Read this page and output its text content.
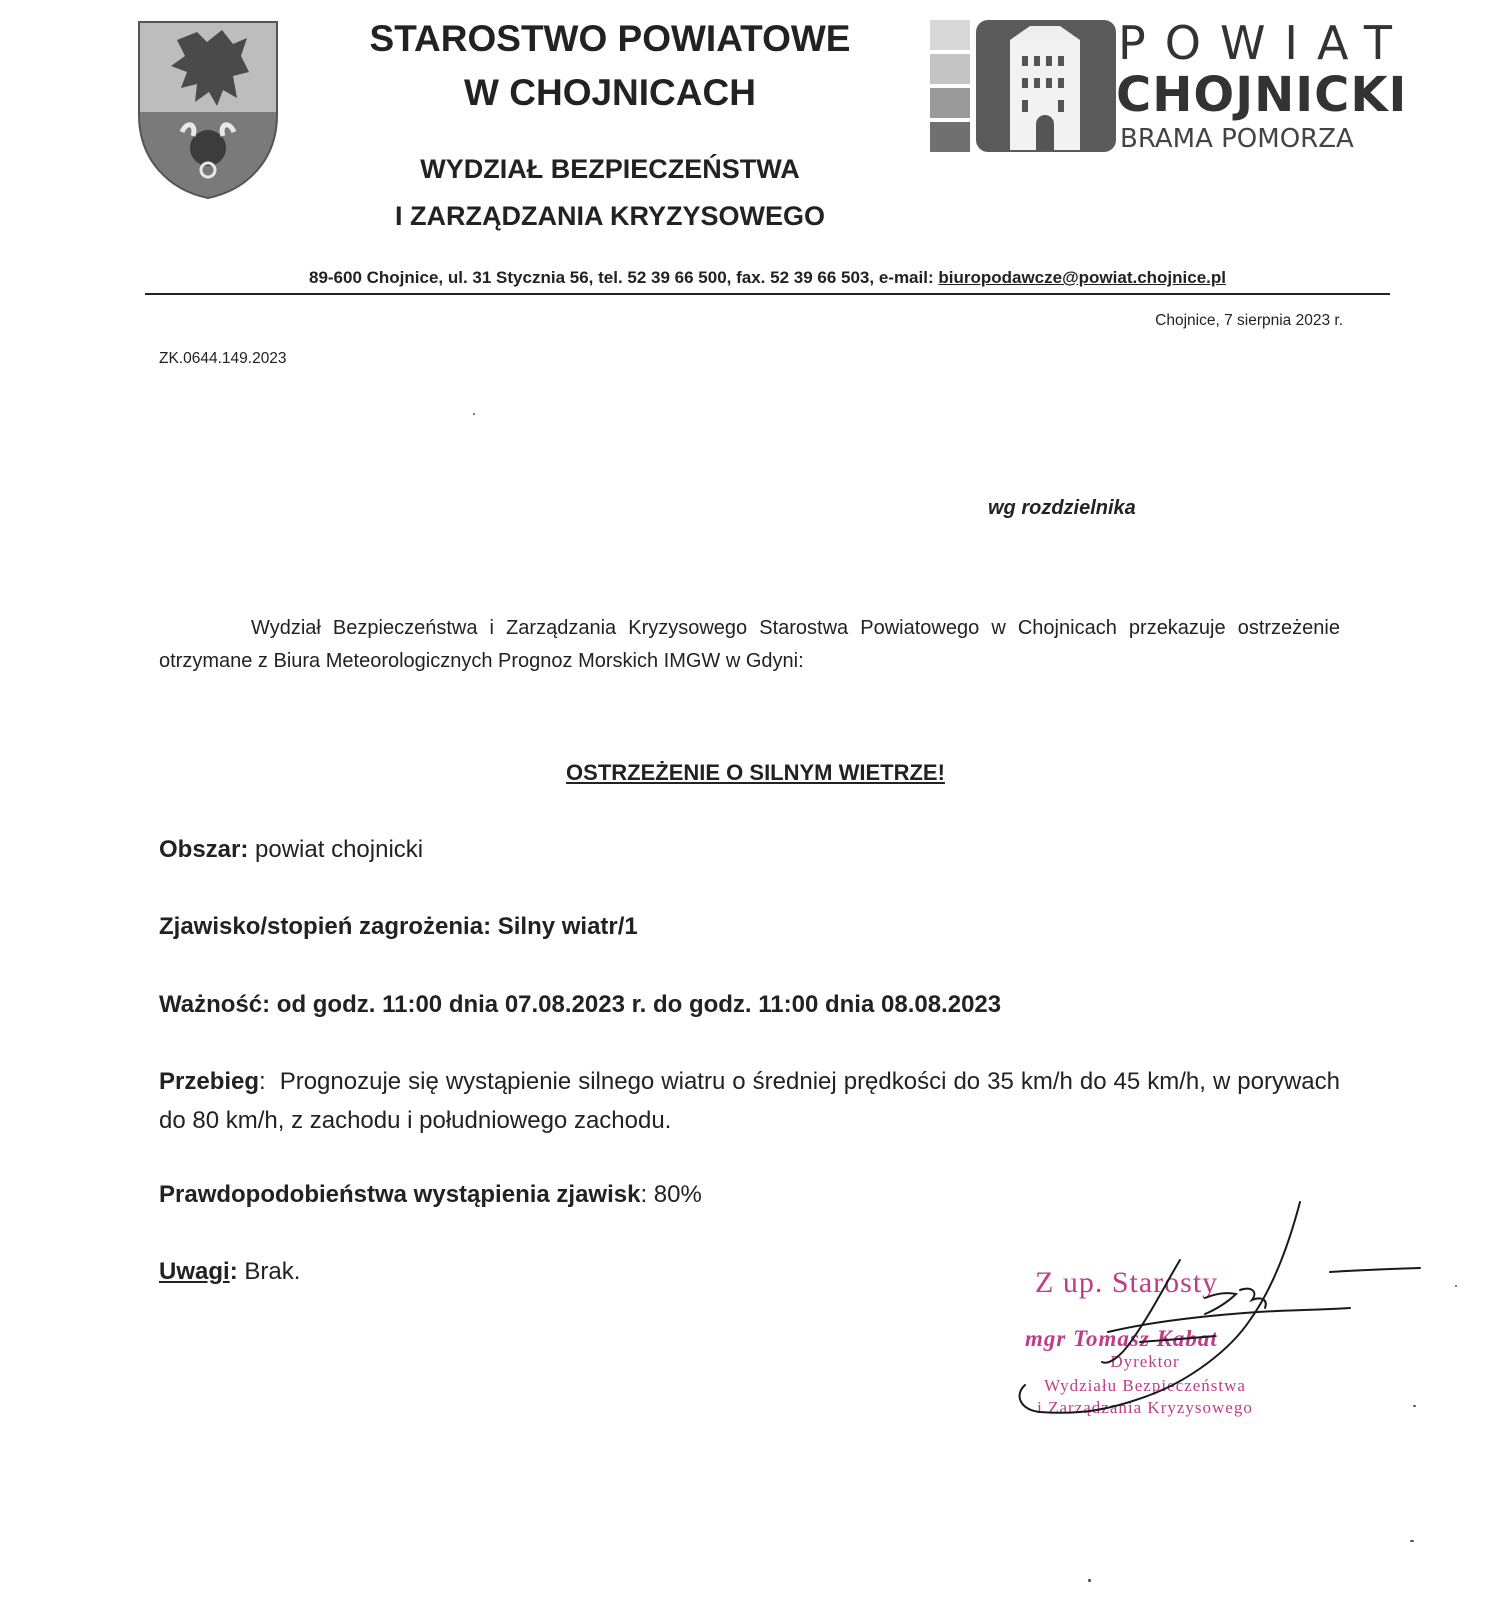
STAROSTWO POWIATOWE
W CHOJNICACH
WYDZIAŁ BEZPIECZEŃSTWA
I ZARZĄDZANIA KRYZYSOWEGO
POWIAT
CHOJNICKI
BRAMA POMORZA
89-600 Chojnice, ul. 31 Stycznia 56, tel. 52 39 66 500, fax. 52 39 66 503, e-mail: biuropodawcze@powiat.chojnice.pl
Chojnice, 7 sierpnia 2023 r.
ZK.0644.149.2023
wg rozdzielnika
Wydział Bezpieczeństwa i Zarządzania Kryzysowego Starostwa Powiatowego w Chojnicach przekazuje ostrzeżenie otrzymane z Biura Meteorologicznych Prognoz Morskich IMGW w Gdyni:
OSTRZEŻENIE O SILNYM WIETRZE!
Obszar: powiat chojnicki
Zjawisko/stopień zagrożenia: Silny wiatr/1
Ważność: od godz. 11:00 dnia 07.08.2023 r. do godz. 11:00 dnia 08.08.2023
Przebieg: Prognozuje się wystąpienie silnego wiatru o średniej prędkości do 35 km/h do 45 km/h, w porywach do 80 km/h, z zachodu i południowego zachodu.
Prawdopodobieństwa wystąpienia zjawisk: 80%
Uwagi: Brak.	Z up. Starosty
mgr Tomasz Kabat
Dyrektor
Wydziału Bezpieczeństwa
i Zarządzania Kryzysowego
